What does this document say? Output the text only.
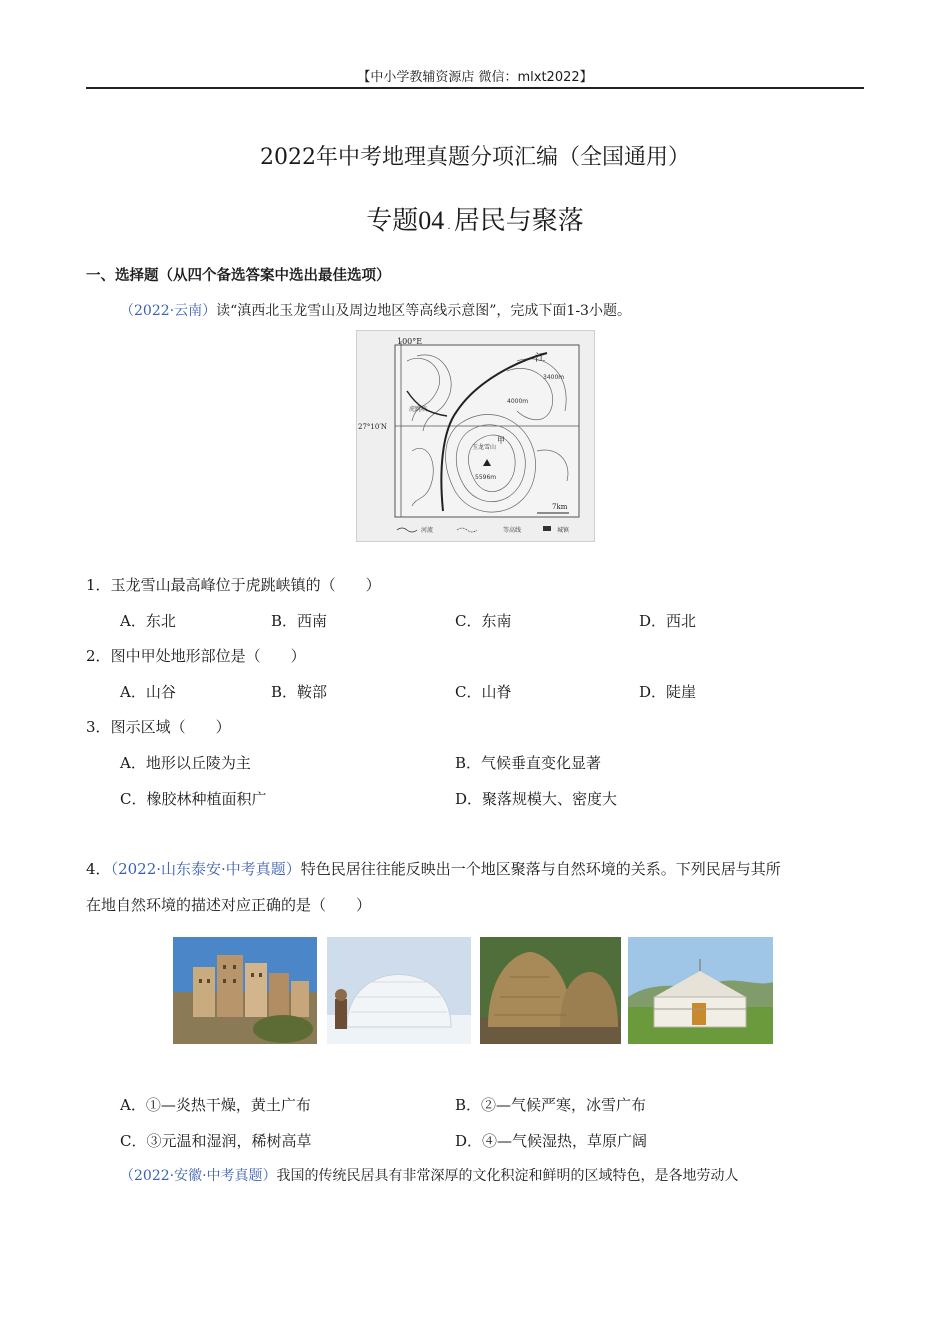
【中小学教辅资源店 微信：mlxt2022】
2022年中考地理真题分项汇编（全国通用）
专题04 . 居民与聚落
一、选择题（从四个备选答案中选出最佳选项）
（2022·云南）读“滇西北玉龙雪山及周边地区等高线示意图”，完成下面1-3小题。
100°E
27°10′N
江
3400m
4000m
5596m
虎跳峡
玉龙雪山
甲
7km
河流	等高线	城镇
1．玉龙雪山最高峰位于虎跳峡镇的（　　）
A．东北	B．西南	C．东南	D．西北
2．图中甲处地形部位是（　　）
A．山谷	B．鞍部	C．山脊	D．陡崖
3．图示区域（　　）
A．地形以丘陵为主	B．气候垂直变化显著
C．橡胶林种植面积广	D．聚落规模大、密度大
4．（2022·山东泰安·中考真题）特色民居往往能反映出一个地区聚落与自然环境的关系。下列民居与其所
在地自然环境的描述对应正确的是（　　）
A．①—炎热干燥，黄土广布	B．②—气候严寒，冰雪广布
C．③元温和湿润，稀树高草	D．④—气候湿热，草原广阔
（2022·安徽·中考真题）我国的传统民居具有非常深厚的文化积淀和鲜明的区域特色，是各地劳动人
